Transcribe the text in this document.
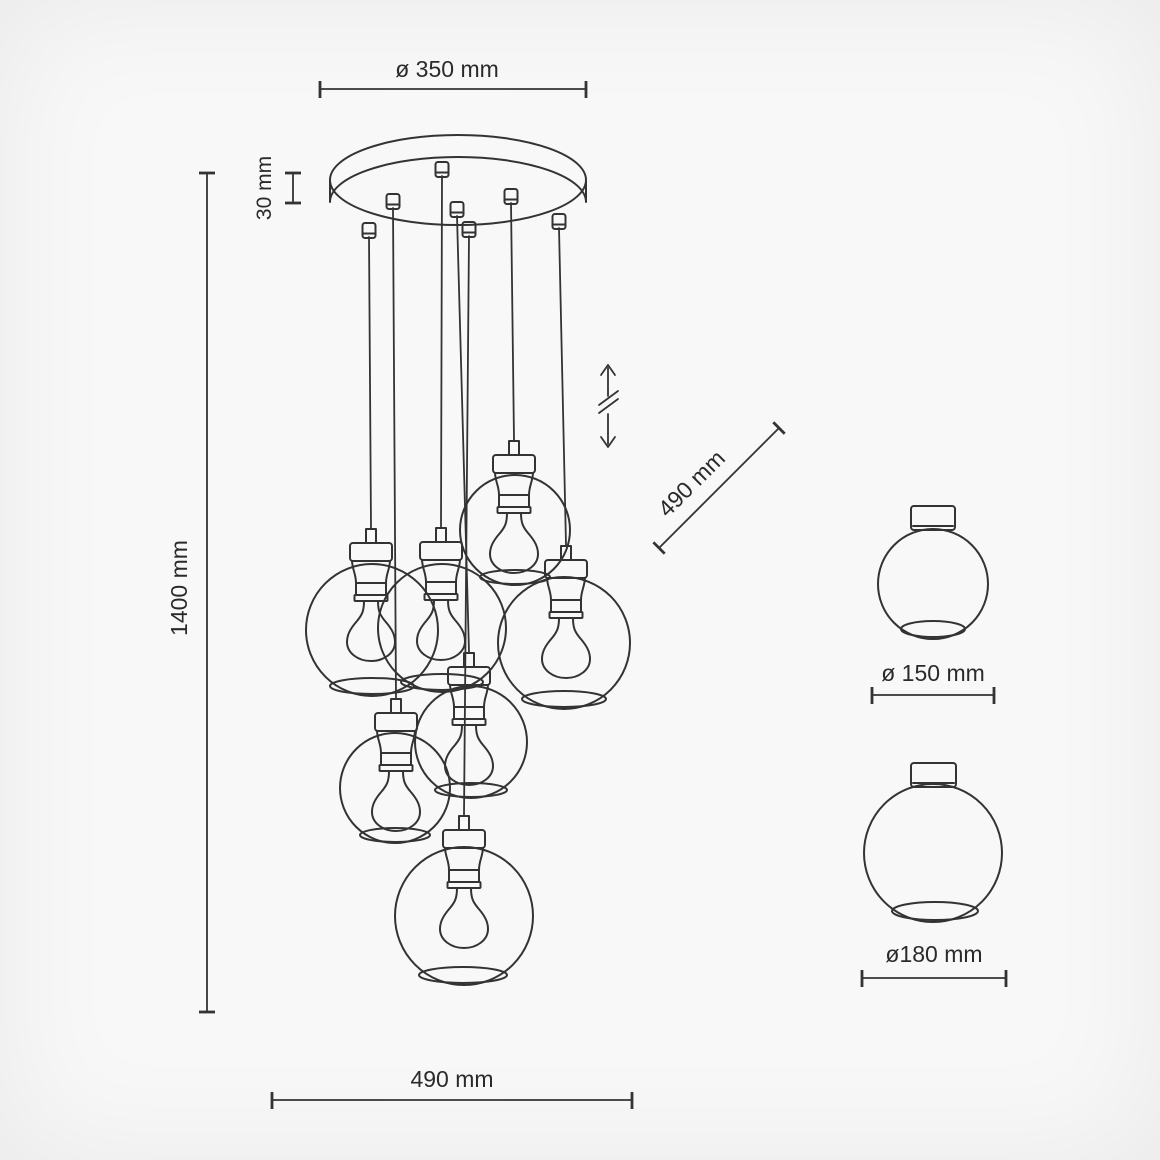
ø 350 mm
30 mm
1400 mm
490 mm
490 mm
ø 150 mm
ø180 mm
